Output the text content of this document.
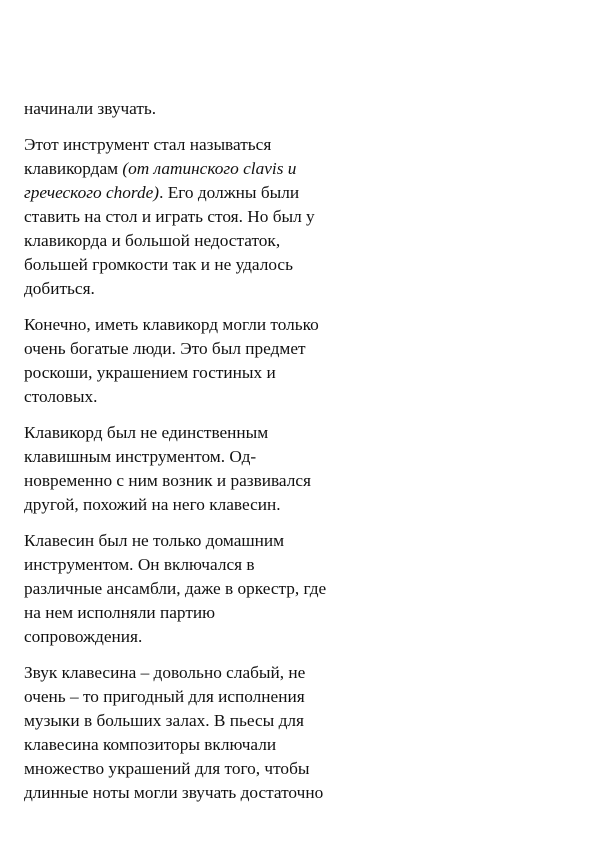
начинали звучать.

Этот инструмент стал называться
клавикордам (от латинского clavis и
греческого chorde). Его должны были
ставить на стол и играть стоя. Но был у
клавикорда и большой недостаток,
большей громкости так и не удалось
добиться.

Конечно, иметь клавикорд могли только
очень богатые люди. Это был предмет
роскоши, украшением гостиных и
столовых.

Клавикорд был не единственным
клавишным инструментом. Од-
новременно с ним возник и развивался
другой, похожий на него клавесин.

Клавесин был не только домашним
инструментом. Он включался в
различные ансамбли, даже в оркестр, где
на нем исполняли партию
сопровождения.

Звук клавесина – довольно слабый, не
очень – то пригодный для исполнения
музыки в больших залах. В пьесы для
клавесина композиторы включали
множество украшений для того, чтобы
длинные ноты могли звучать достаточно
